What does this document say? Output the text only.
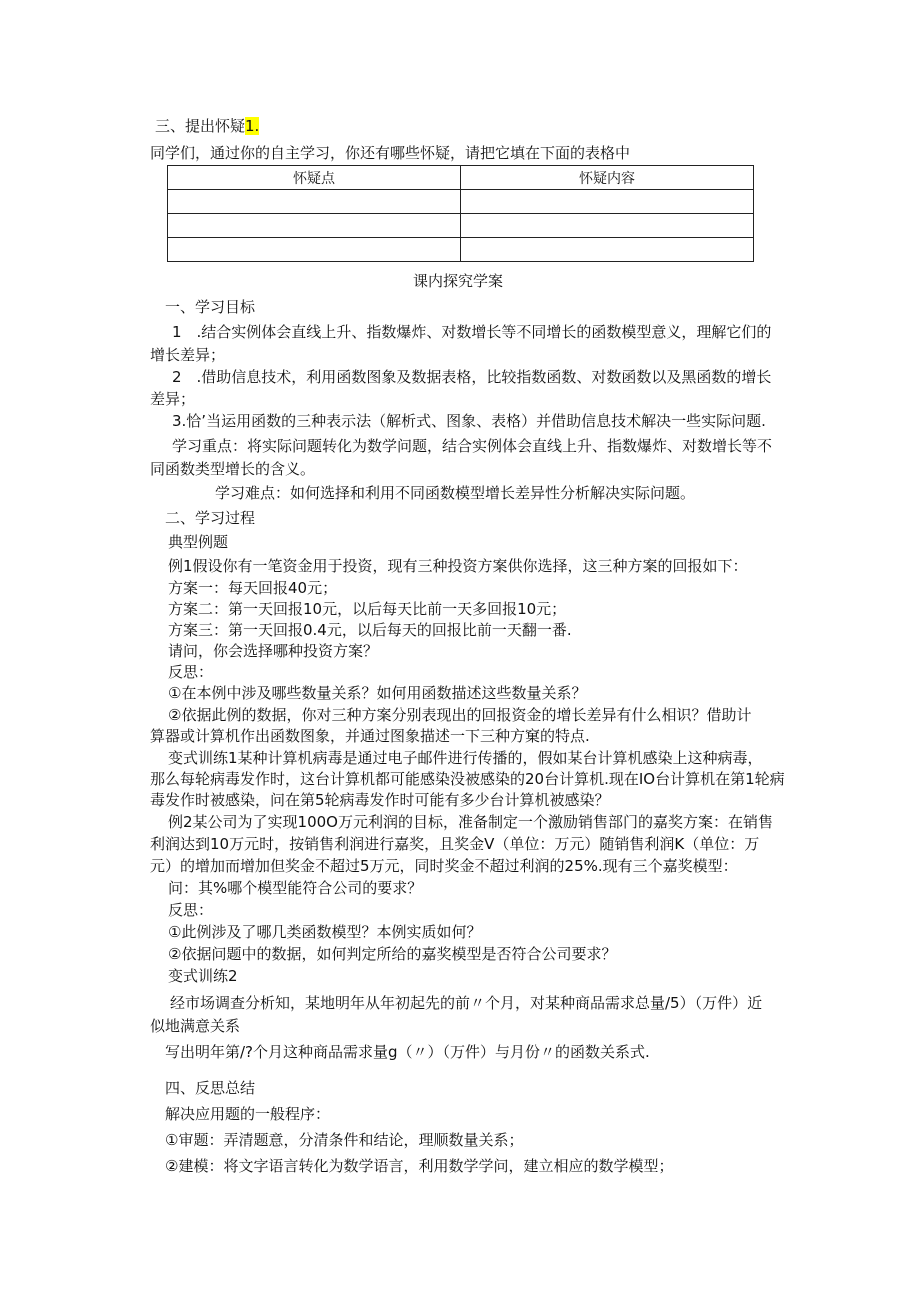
三、提出怀疑1.

同学们，通过你的自主学习，你还有哪些怀疑，请把它填在下面的表格中

怀疑点	怀疑内容

课内探究学案

一、学习目标

1　.结合实例体会直线上升、指数爆炸、对数增长等不同增长的函数模型意义，理解它们的

增长差异；

2　.借助信息技术，利用函数图象及数据表格，比较指数函数、对数函数以及黑函数的增长

差异；

3.恰’当运用函数的三种表示法（解析式、图象、表格）并借助信息技术解决一些实际问题.

学习重点：将实际问题转化为数学问题，结合实例体会直线上升、指数爆炸、对数增长等不

同函数类型增长的含义。

学习难点：如何选择和利用不同函数模型增长差异性分析解决实际问题。

二、学习过程

典型例题

例1假设你有一笔资金用于投资，现有三种投资方案供你选择，这三种方案的回报如下：

方案一：每天回报40元；

方案二：第一天回报10元，以后每天比前一天多回报10元；

方案三：第一天回报0.4元，以后每天的回报比前一天翻一番.

请问，你会选择哪种投资方案？

反思：

①在本例中涉及哪些数量关系？如何用函数描述这些数量关系？

②依据此例的数据，你对三种方案分别表现出的回报资金的增长差异有什么相识？借助计

算器或计算机作出函数图象，并通过图象描述一下三种方窠的特点.

变式训练1某种计算机病毒是通过电子邮件进行传播的，假如某台计算机感染上这种病毒，

那么每轮病毒发作时，这台计算机都可能感染没被感染的20台计算机.现在IO台计算机在第1轮病

毒发作时被感染，问在第5轮病毒发作时可能有多少台计算机被感染？

例2某公司为了实现100O万元利润的目标，准备制定一个激励销售部门的嘉奖方案：在销售

利润达到10万元时，按销售利润进行嘉奖，且奖金V（单位：万元）随销售利润K（单位：万

元）的增加而增加但奖金不超过5万元，同时奖金不超过利润的25%.现有三个嘉奖模型：

问：其%哪个模型能符合公司的要求？

反思：

①此例涉及了哪几类函数模型？本例实质如何？

②依据问题中的数据，如何判定所给的嘉奖模型是否符合公司要求？

变式训练2

经市场调查分析知，某地明年从年初起先的前〃个月，对某种商品需求总量/5）（万件）近

似地满意关系

写出明年第/?个月这种商品需求量g（〃）（万件）与月份〃的函数关系式.

四、反思总结

解决应用题的一般程序：

①审题：弄清题意，分清条件和结论，理顺数量关系；

②建模：将文字语言转化为数学语言，利用数学学问，建立相应的数学模型；
